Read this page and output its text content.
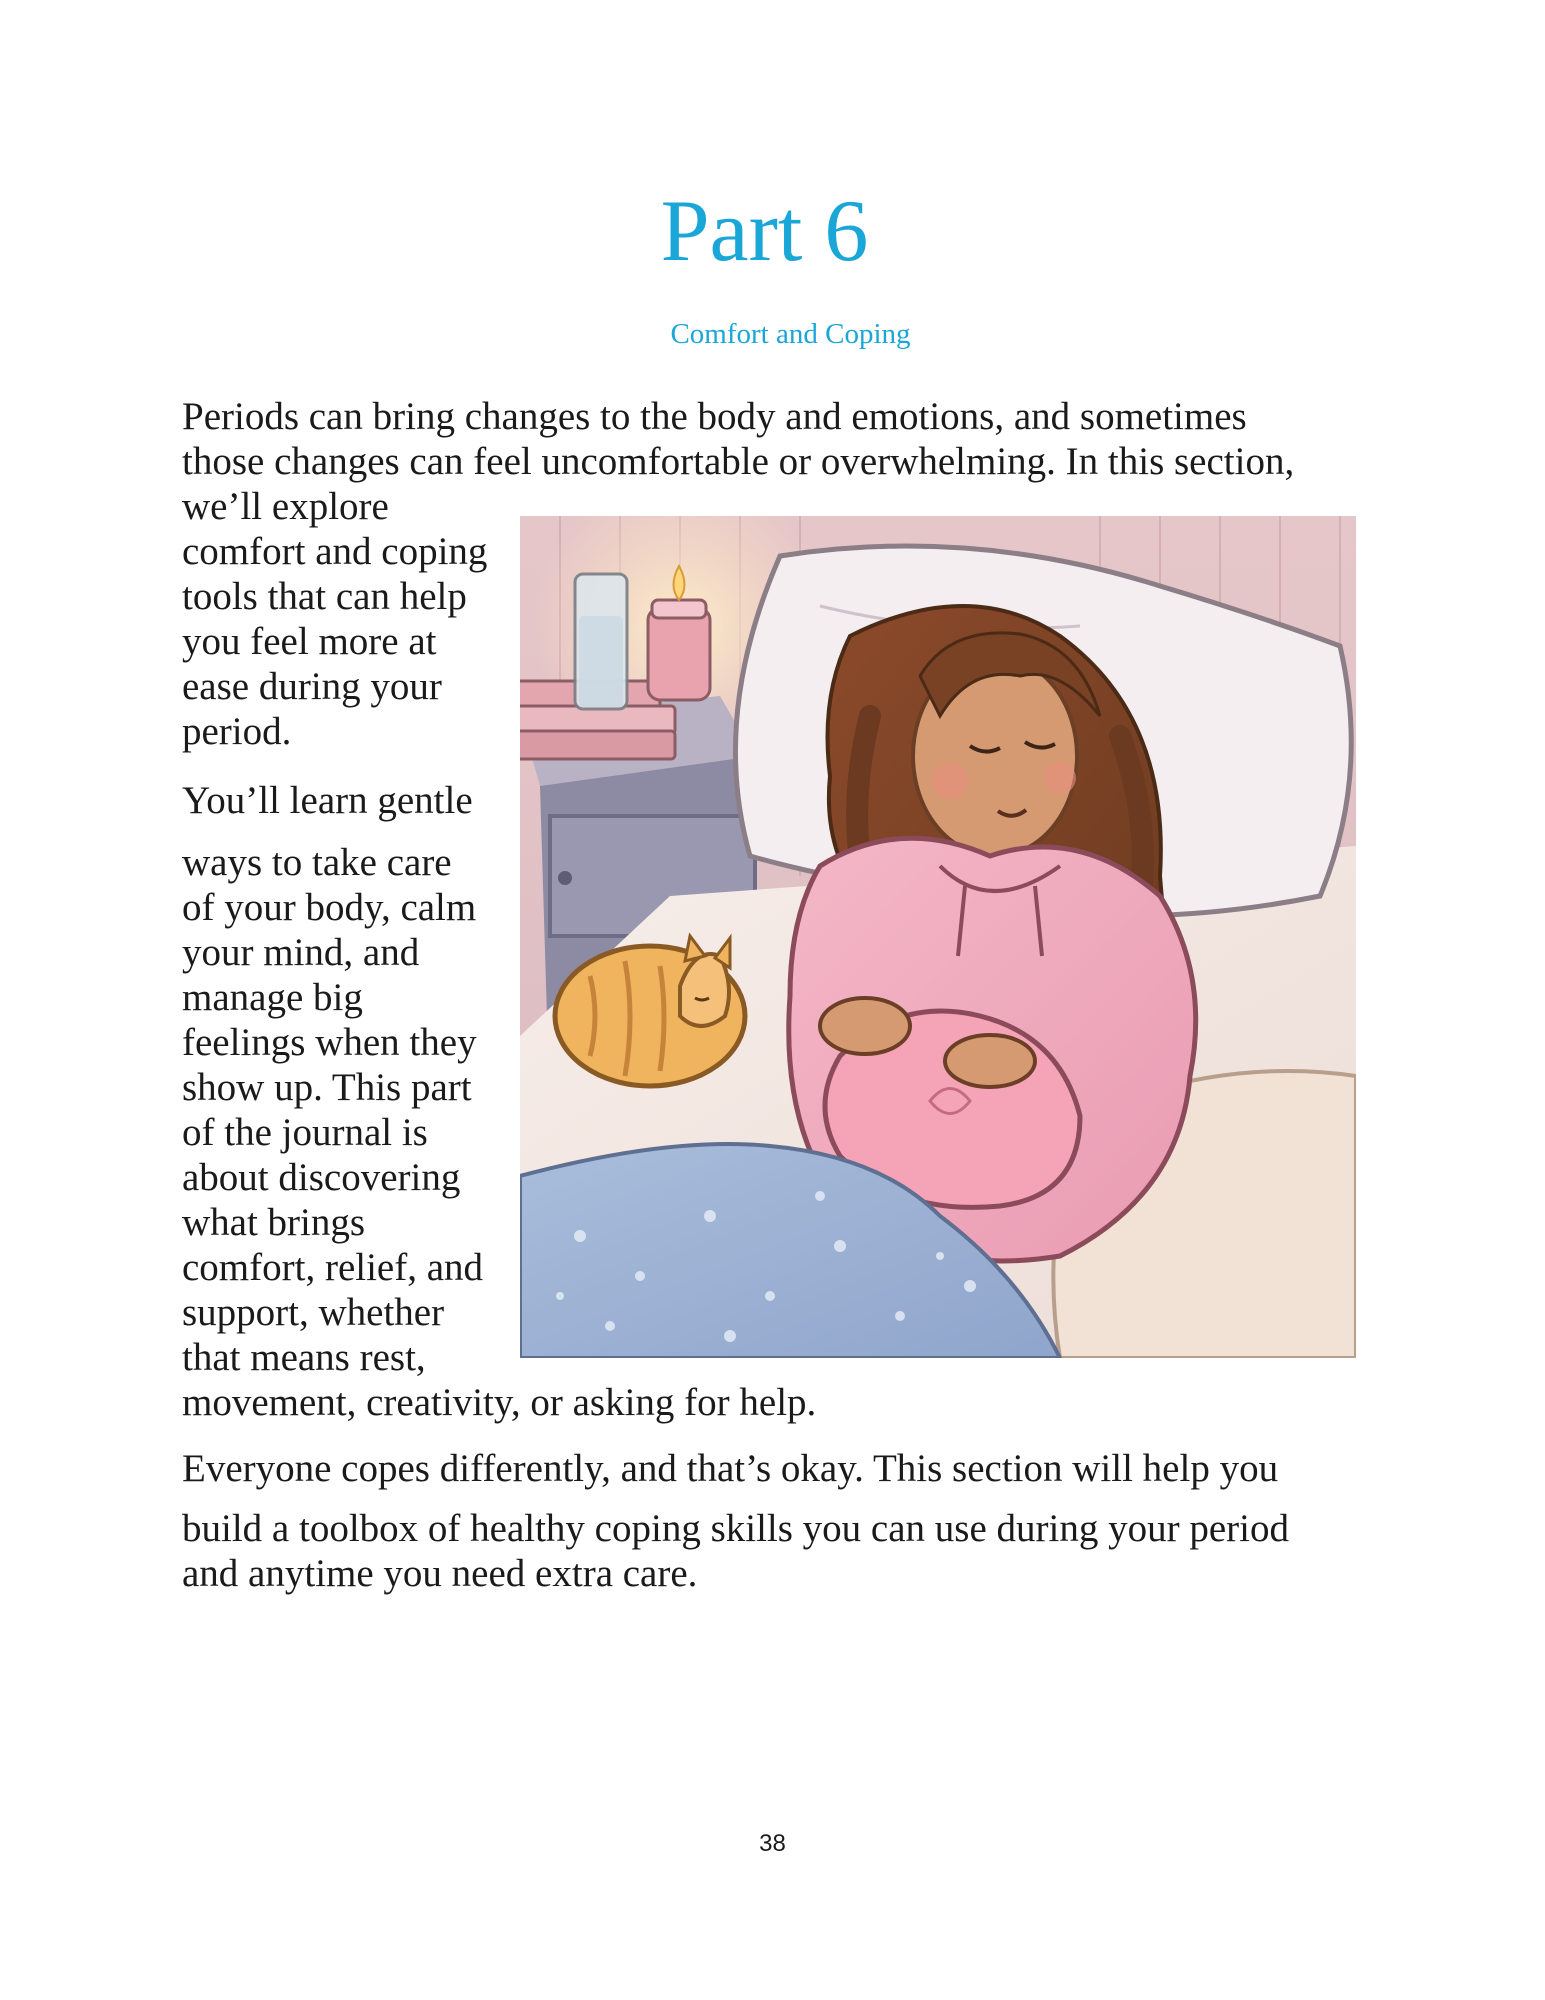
Part 6
Comfort and Coping
Periods can bring changes to the body and emotions, and sometimes
those changes can feel uncomfortable or overwhelming. In this section,
we’ll explore
comfort and coping
tools that can help
you feel more at
ease during your
period.
You’ll learn gentle
ways to take care
of your body, calm
your mind, and
manage big
feelings when they
show up. This part
of the journal is
about discovering
what brings
comfort, relief, and
support, whether
that means rest,
movement, creativity, or asking for help.
Everyone copes differently, and that’s okay. This section will help you
build a toolbox of healthy coping skills you can use during your period
and anytime you need extra care.
38
